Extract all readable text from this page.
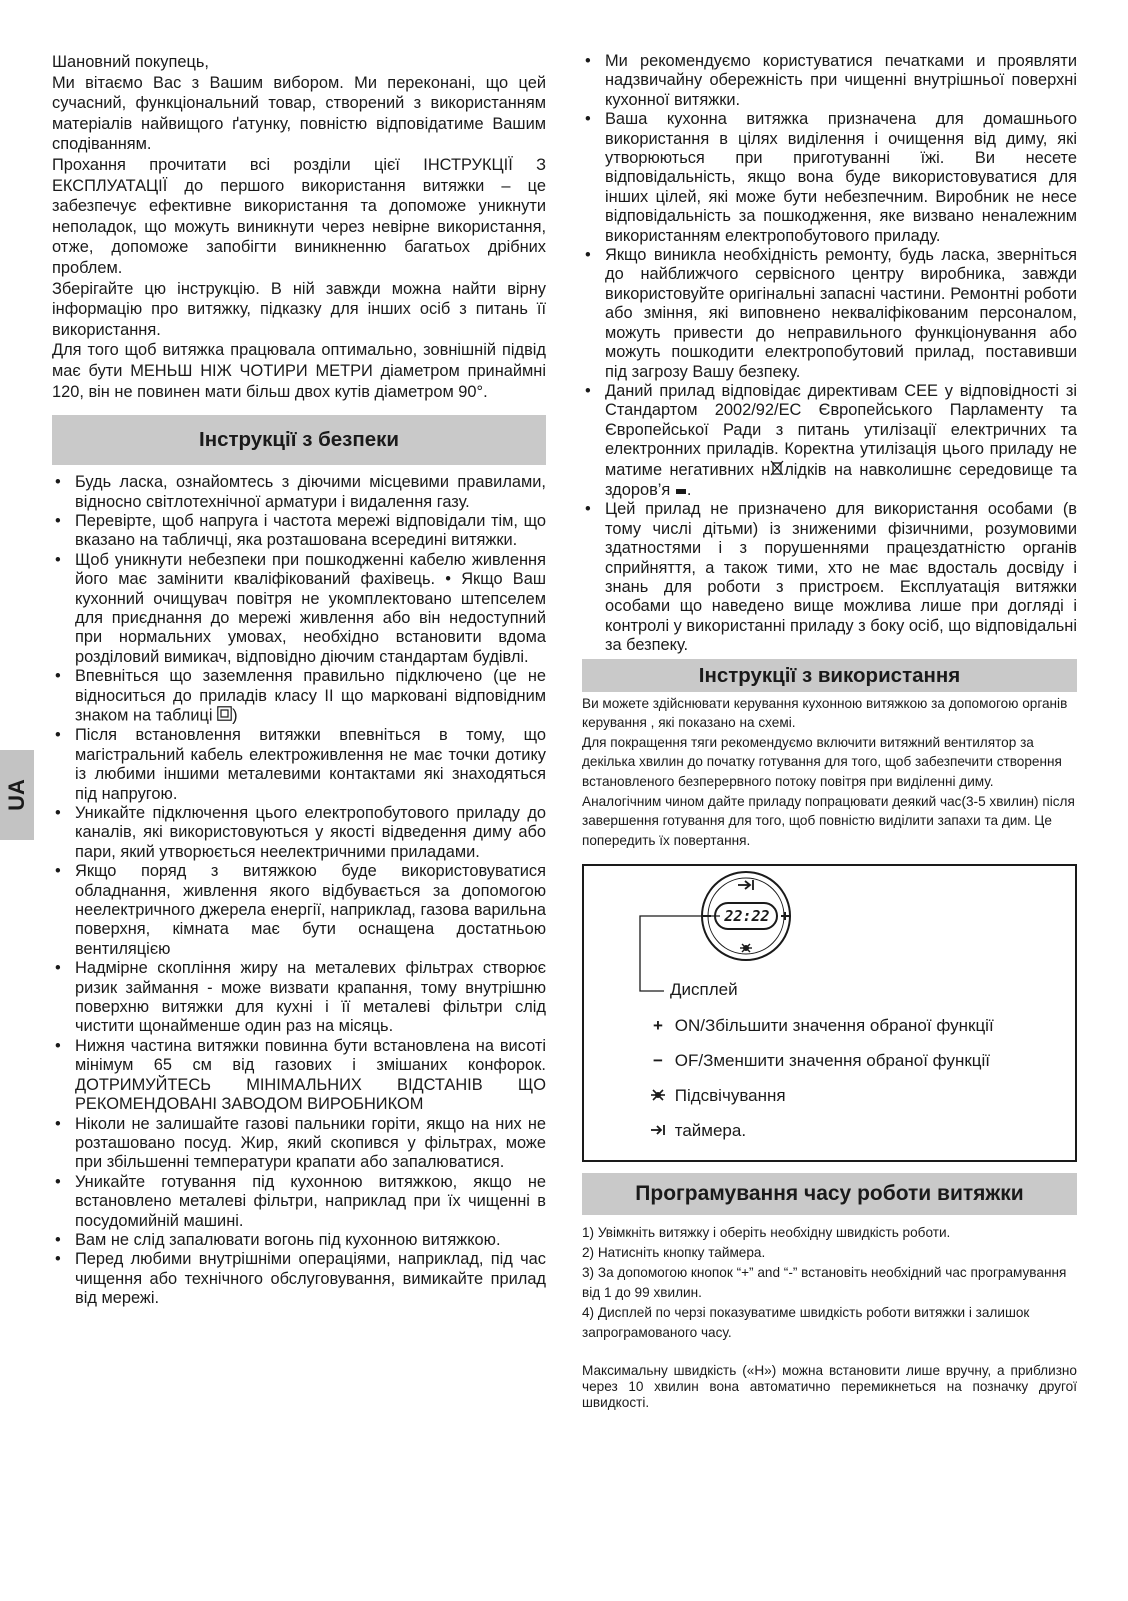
UA

Шановний покупець,

Ми вітаємо Вас з Вашим вибором. Ми переконані, що цей сучасний, функціональний товар, створений з використанням матеріалів найвищого ґатунку, повністю відповідатиме Вашим сподіванням.

Прохання прочитати всі розділи цієї ІНСТРУКЦІЇ З ЕКСПЛУАТАЦІЇ до першого використання витяжки – це забезпечує ефективне використання та допоможе уникнути неполадок, що можуть виникнути через невірне використання, отже, допоможе запобігти виникненню багатьох дрібних проблем.

Зберігайте цю інструкцію. В ній завжди можна найти вірну інформацію про витяжку, підказку для інших осіб з питань її використання.

Для того щоб витяжка працювала оптимально, зовнішній підвід має бути МЕНЬШ НІЖ ЧОТИРИ МЕТРИ діаметром принаймні 120, він не повинен мати більш двох кутів діаметром 90°.

Інструкції з безпеки
• Будь ласка, ознайомтесь з діючими місцевими правилами, відносно світлотехнічної арматури і видалення газу.
• Перевірте, щоб напруга і частота мережі відповідали тім, що вказано на табличці, яка розташована всередині витяжки.
• Щоб уникнути небезпеки при пошкодженні кабелю живлення його має замінити кваліфікований фахівець. • Якщо Ваш кухонний очищувач повітря не укомплектовано штепселем для приєднання до мережі живлення або він недоступний при нормальних умовах, необхідно встановити вдома розділовий вимикач, відповідно діючим стандартам будівлі.
• Впевніться що заземлення правильно підключено (це не відноситься до приладів класу II що марковані відповідним знаком на таблиці )
• Після встановлення витяжки впевніться в тому, що магістральний кабель електроживлення не має точки дотику із любими іншими металевими контактами які знаходяться під напругою.
• Уникайте підключення цього електропобутового приладу до каналів, які використовуються у якості відведення диму або пари, який утворюється неелектричними приладами.
• Якщо поряд з витяжкою буде використовуватися обладнання, живлення якого відбувається за допомогою неелектричного джерела енергії, наприклад, газова варильна поверхня, кімната має бути оснащена достатньою вентиляцією
• Надмірне скоплiння жиру на металевих фільтрах створює ризик займання - може визвати крапання, тому внутрішню поверхню витяжки для кухні і її металеві фільтри слід чистити щонайменше один раз на місяць.
• Нижня частина витяжки повинна бути встановлена на висоті мінімум 65 см від газових і змішаних конфорок. ДОТРИМУЙТЕСЬ МІНІМАЛЬНИХ ВІДСТАНІВ ЩО РЕКОМЕНДОВАНІ ЗАВОДОМ ВИРОБНИКОМ
• Ніколи не залишайте газові пальники горіти, якщо на них не розташовано посуд. Жир, який скопився у фільтрах, може при збільшенні температури крапати або запалюватися.
• Уникайте готування під кухонною витяжкою, якщо не встановлено металеві фільтри, наприклад при їх чищенні в посудомийній машині.
• Вам не слід запалювати вогонь під кухонною витяжкою.
• Перед любими внутрішніми операціями, наприклад, під час чищення або технічного обслуговування, вимикайте прилад від мережі.
• Ми рекомендуємо користуватися печатками и проявляти надзвичайну обережність при чищенні внутрішньої поверхні кухонної витяжки.
• Ваша кухонна витяжка призначена для домашнього використання в цілях виділення і очищення від диму, які утворюються при приготуванні їжі. Ви несете відповідальність, якщо вона буде використовуватися для інших цілей, які може бути небезпечним. Виробник не несе відповідальність за пошкодження, яке визвано неналежним використанням електропобутового приладу.
• Якщо виникла необхідність ремонту, будь ласка, зверніться до найближчого сервісного центру виробника, завжди використовуйте оригінальні запасні частини. Ремонтні роботи або зміння, які виповнено некваліфікованим персоналом, можуть привести до неправильного функціонування або можуть пошкодити електропобутовий прилад, поставивши під загрозу Вашу безпеку.
• Даний прилад відповідає директивам СЕЕ у відповідності зі Стандартом 2002/92/ЕС Європейського Парламенту та Європейської Ради з питань утилізації електричних та електронних приладів. Коректна утилізація цього приладу не матиме негативних н лідків на навколишнє середовище та здоров’я .
• Цей прилад не призначено для використання особами (в тому числі дітьми) із зниженими фізичними, розумовими здатностями і з порушеннями працездатністю органів сприйняття, а також тими, хто не має вдосталь досвіду і знань для роботи з пристроєм. Експлуатація витяжки особами що наведено вище можлива лише при догляді і контролі у використанні приладу з боку осіб, що відповідальні за безпеку.
Інструкції з використання

Ви можете здійснювати керування кухонною витяжкою за допомогою органів керування , які показано на схемі.

Для покращення тяги рекомендуємо включити витяжний вентилятор за декілька хвилин до початку готування для того, щоб забезпечити створення встановленого безперервного потоку повітря при виділенні диму.

Аналогічним чином дайте приладу попрацювати деякий час(3-5 хвилин) після завершення готування для того, щоб повністю виділити запахи та дим. Це попередить їх повертання.

22:22
Дисплей
+ ON/Збільшити значення обраної функції
− OF/Зменшити значення обраної функції
Підсвічування
таймера.
Програмування часу роботи витяжки
1) Увімкніть витяжку і оберіть необхідну швидкість роботи.
2) Натисніть кнопку таймера.
3) За допомогою кнопок “+” and “-” встановіть необхідний час програмування від 1 до 99 хвилин.
4) Дисплей по черзі показуватиме швидкість роботи витяжки і залишок запрограмованого часу.

Максимальну швидкість («H») можна встановити лише вручну, а приблизно через 10 хвилин вона автоматично перемикнеться на позначку другої швидкості.
